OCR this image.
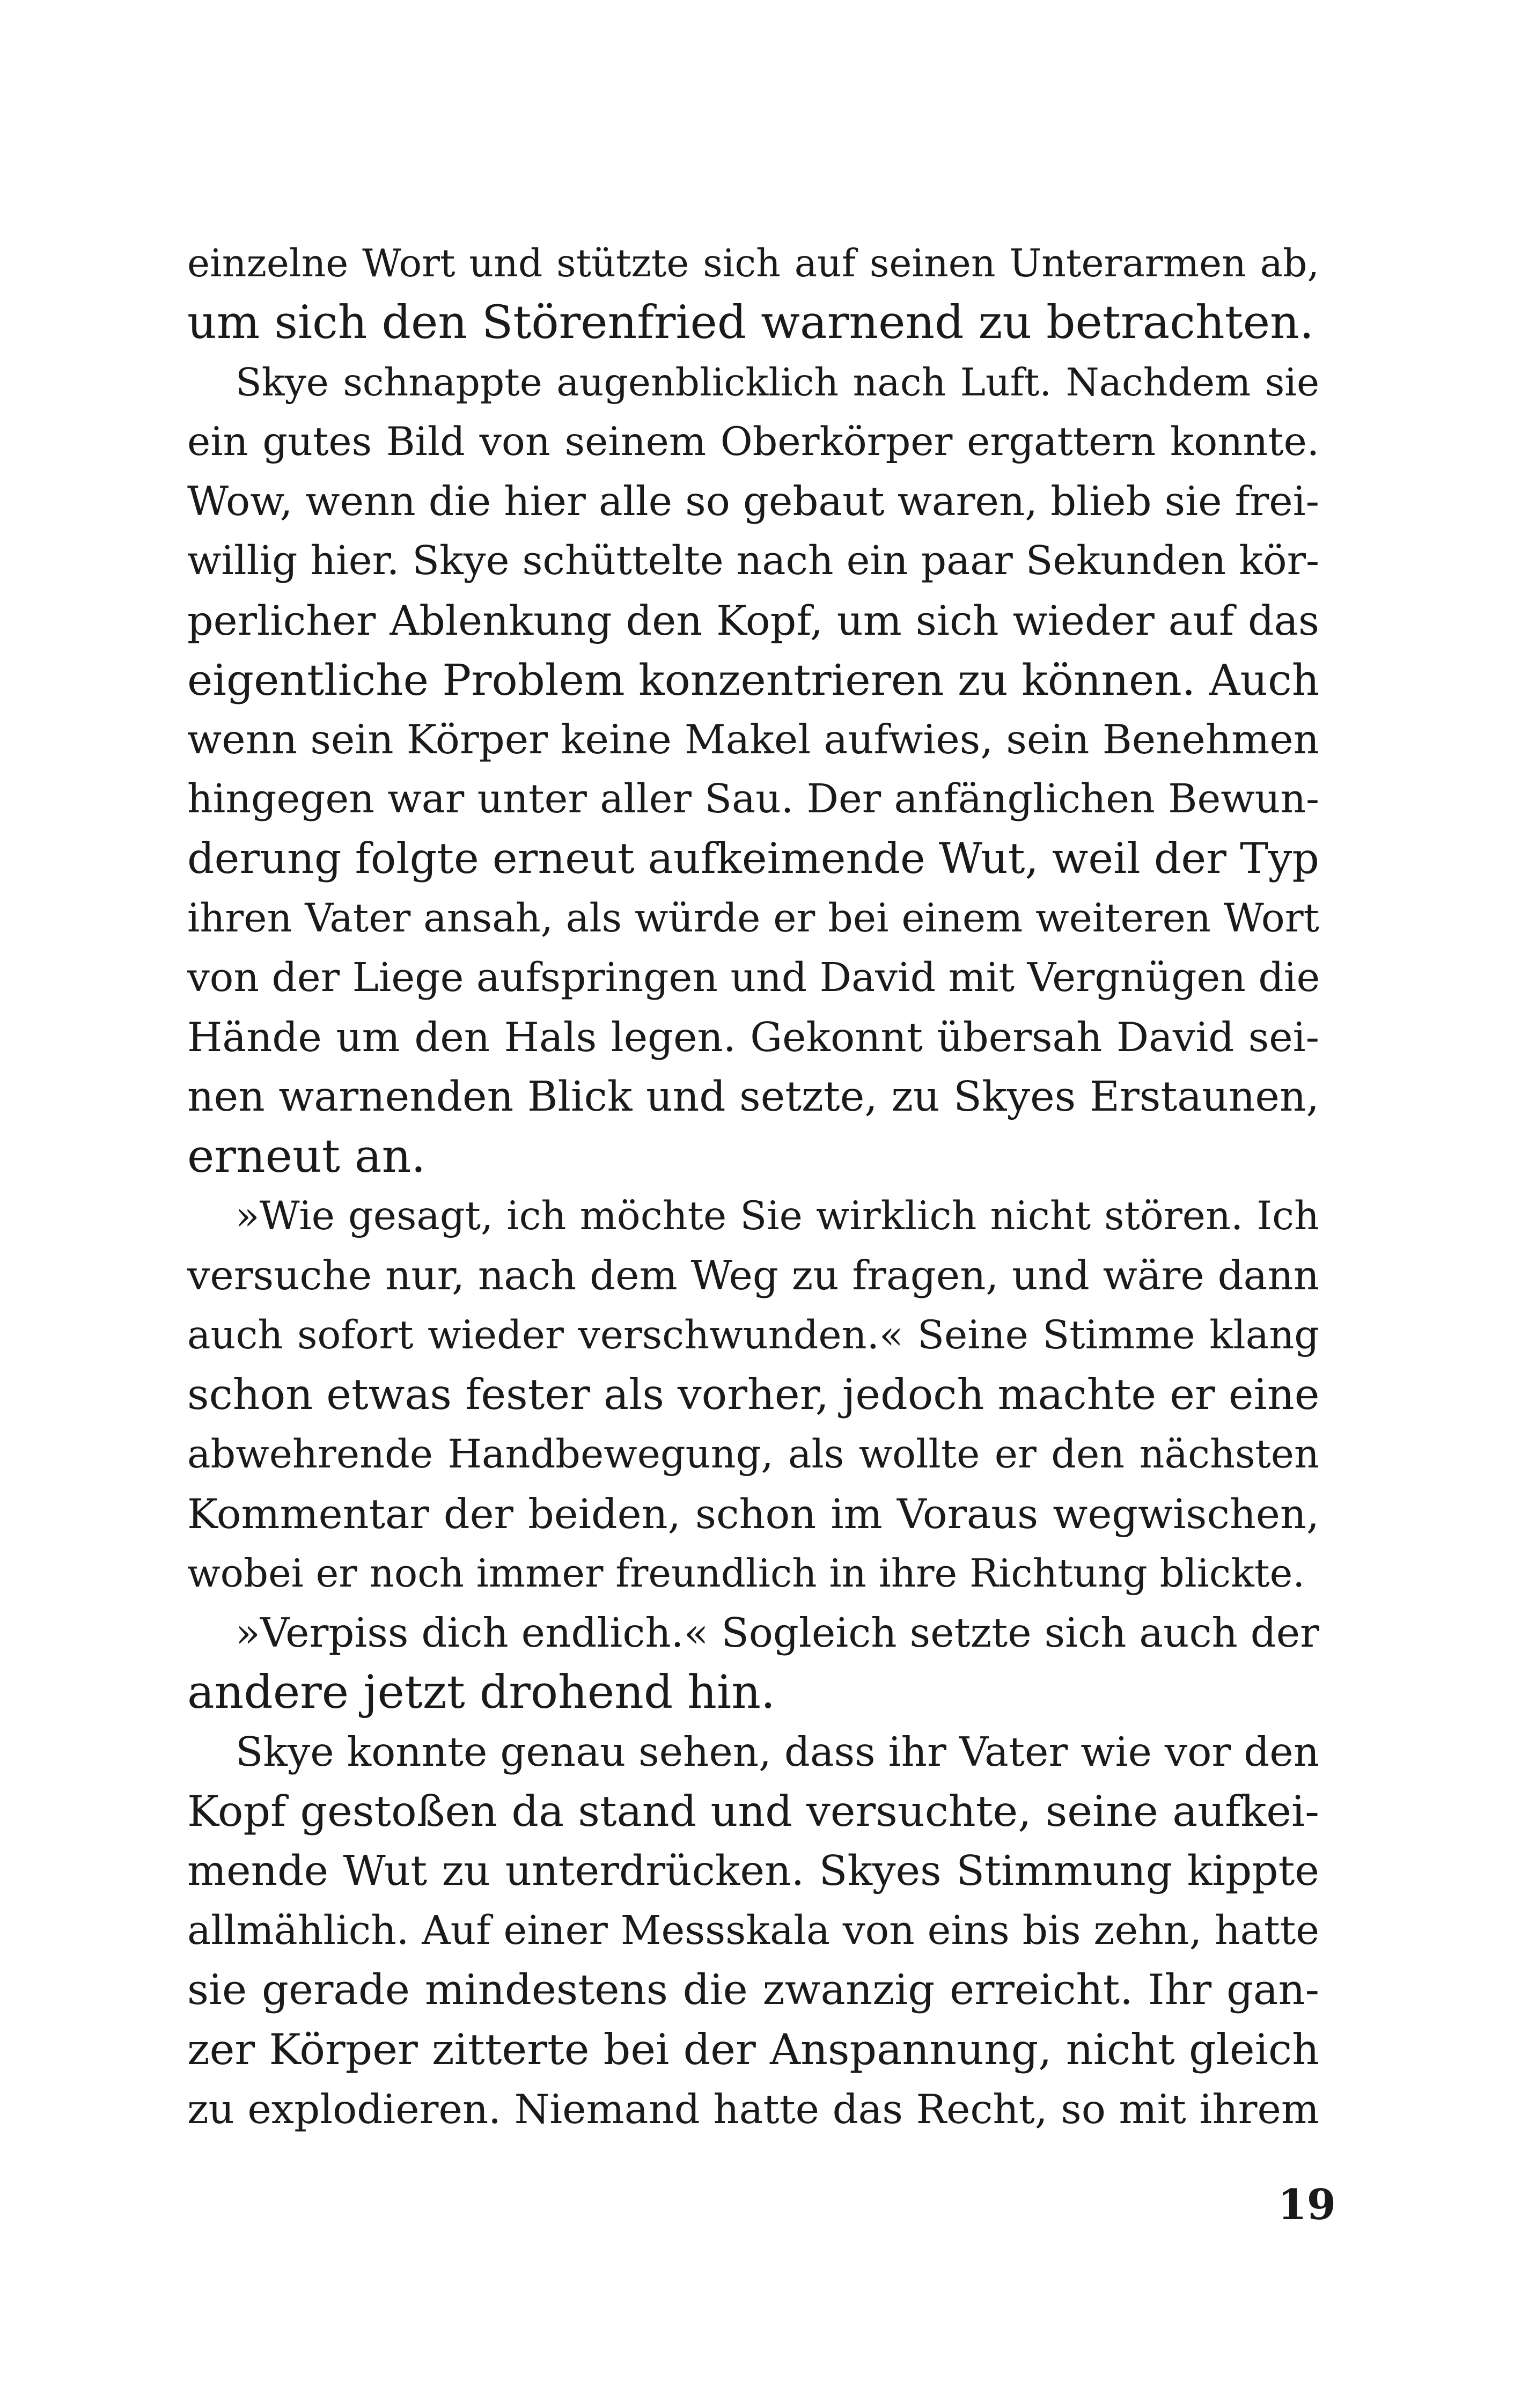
einzelne Wort und stützte sich auf seinen Unterarmen ab,
um sich den Störenfried warnend zu betrachten.
Skye schnappte augenblicklich nach Luft. Nachdem sie
ein gutes Bild von seinem Oberkörper ergattern konnte.
Wow, wenn die hier alle so gebaut waren, blieb sie frei-
willig hier. Skye schüttelte nach ein paar Sekunden kör-
perlicher Ablenkung den Kopf, um sich wieder auf das
eigentliche Problem konzentrieren zu können. Auch
wenn sein Körper keine Makel aufwies, sein Benehmen
hingegen war unter aller Sau. Der anfänglichen Bewun-
derung folgte erneut aufkeimende Wut, weil der Typ
ihren Vater ansah, als würde er bei einem weiteren Wort
von der Liege aufspringen und David mit Vergnügen die
Hände um den Hals legen. Gekonnt übersah David sei-
nen warnenden Blick und setzte, zu Skyes Erstaunen,
erneut an.
»Wie gesagt, ich möchte Sie wirklich nicht stören. Ich
versuche nur, nach dem Weg zu fragen, und wäre dann
auch sofort wieder verschwunden.« Seine Stimme klang
schon etwas fester als vorher, jedoch machte er eine
abwehrende Handbewegung, als wollte er den nächsten
Kommentar der beiden, schon im Voraus wegwischen,
wobei er noch immer freundlich in ihre Richtung blickte.
»Verpiss dich endlich.« Sogleich setzte sich auch der
andere jetzt drohend hin.
Skye konnte genau sehen, dass ihr Vater wie vor den
Kopf gestoßen da stand und versuchte, seine aufkei-
mende Wut zu unterdrücken. Skyes Stimmung kippte
allmählich. Auf einer Messskala von eins bis zehn, hatte
sie gerade mindestens die zwanzig erreicht. Ihr gan-
zer Körper zitterte bei der Anspannung, nicht gleich
zu explodieren. Niemand hatte das Recht, so mit ihrem
19
